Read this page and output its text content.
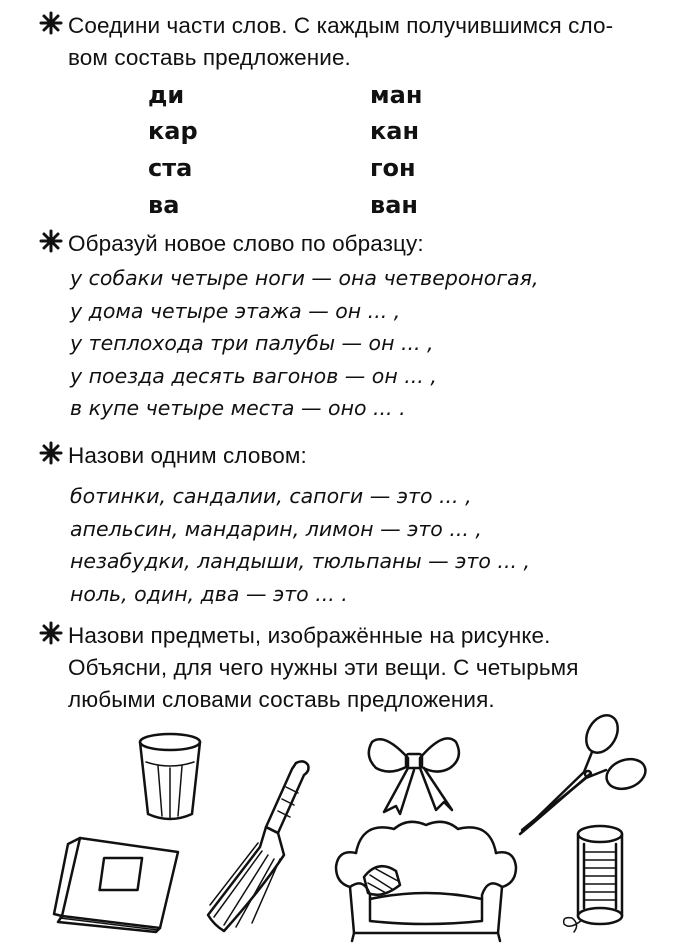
Соедини части слов. С каждым получившимся сло-
вом составь предложение.
ди
кар
ста
ва
ман
кан
гон
ван
Образуй новое слово по образцу:
у собаки четыре ноги — она четвероногая,
у дома четыре этажа — он ... ,
у теплохода три палубы — он ... ,
у поезда десять вагонов — он ... ,
в купе четыре места — оно ... .
Назови одним словом:
ботинки, сандалии, сапоги — это ... ,
апельсин, мандарин, лимон — это ... ,
незабудки, ландыши, тюльпаны — это ... ,
ноль, один, два — это ... .
Назови предметы, изображённые на рисунке.
Объясни, для чего нужны эти вещи. С четырьмя
любыми словами составь предложения.
